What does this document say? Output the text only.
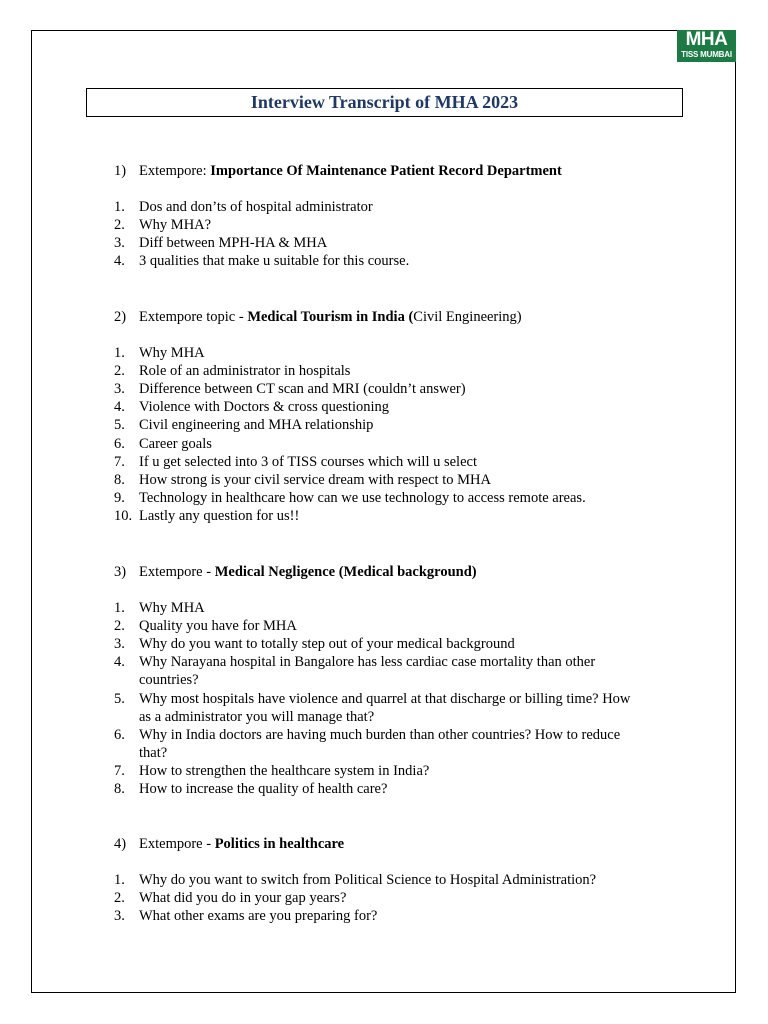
MHA
TISS MUMBAI
Interview Transcript of MHA 2023
1) Extempore: Importance Of Maintenance Patient Record Department
1. Dos and don’ts of hospital administrator
2. Why MHA?
3. Diff between MPH-HA & MHA
4. 3 qualities that make u suitable for this course.
2) Extempore topic - Medical Tourism in India (Civil Engineering)
1. Why MHA
2. Role of an administrator in hospitals
3. Difference between CT scan and MRI (couldn’t answer)
4. Violence with Doctors & cross questioning
5. Civil engineering and MHA relationship
6. Career goals
7. If u get selected into 3 of TISS courses which will u select
8. How strong is your civil service dream with respect to MHA
9. Technology in healthcare how can we use technology to access remote areas.
10. Lastly any question for us!!
3) Extempore - Medical Negligence (Medical background)
1. Why MHA
2. Quality you have for MHA
3. Why do you want to totally step out of your medical background
4. Why Narayana hospital in Bangalore has less cardiac case mortality than other
countries?
5. Why most hospitals have violence and quarrel at that discharge or billing time? How
as a administrator you will manage that?
6. Why in India doctors are having much burden than other countries? How to reduce
that?
7. How to strengthen the healthcare system in India?
8. How to increase the quality of health care?
4) Extempore - Politics in healthcare
1. Why do you want to switch from Political Science to Hospital Administration?
2. What did you do in your gap years?
3. What other exams are you preparing for?
